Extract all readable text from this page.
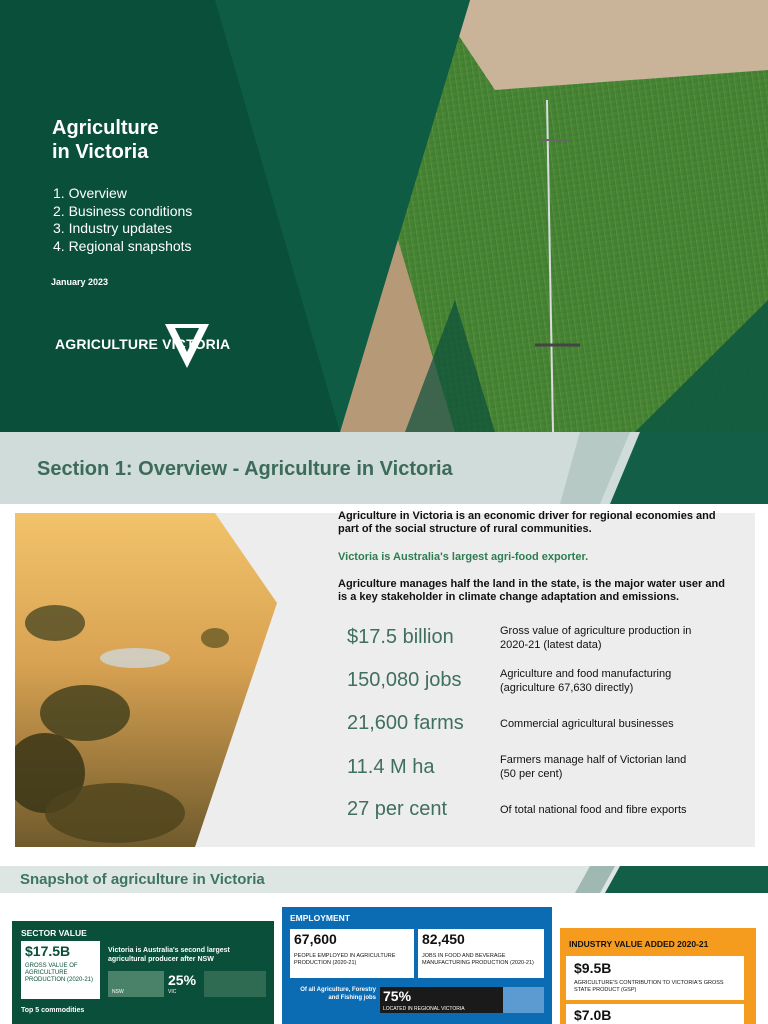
Agriculture
in Victoria
1. Overview
2. Business conditions
3. Industry updates
4. Regional snapshots
January 2023
AGRICULTURE VICTORIA
Section 1: Overview - Agriculture in Victoria
Agriculture in Victoria is an economic driver for regional economies and part of the social structure of rural communities.
Victoria is Australia's largest agri-food exporter.
Agriculture manages half the land in the state, is the major water user and is a key stakeholder in climate change adaptation and emissions.
$17.5 billion	Gross value of agriculture production in 2020-21 (latest data)
150,080 jobs	Agriculture and food manufacturing (agriculture 67,630 directly)
21,600 farms	Commercial agricultural businesses
11.4 M ha	Farmers manage half of Victorian land (50 per cent)
27 per cent	Of total national food and fibre exports
Snapshot of agriculture in Victoria
SECTOR VALUE
$17.5B
GROSS VALUE OF AGRICULTURE PRODUCTION (2020-21)
Victoria is Australia's second largest agricultural producer after NSW
NSW	VIC
25%
Top 5 commodities
EMPLOYMENT
67,600
PEOPLE EMPLOYED IN AGRICULTURE PRODUCTION (2020-21)
82,450
JOBS IN FOOD AND BEVERAGE MANUFACTURING PRODUCTION (2020-21)
Of all Agriculture, Forestry and Fishing jobs 75%
LOCATED IN REGIONAL VICTORIA
INDUSTRY VALUE ADDED 2020-21
$9.5B
AGRICULTURE'S CONTRIBUTION TO VICTORIA'S GROSS STATE PRODUCT (GSP)
$7.0B
